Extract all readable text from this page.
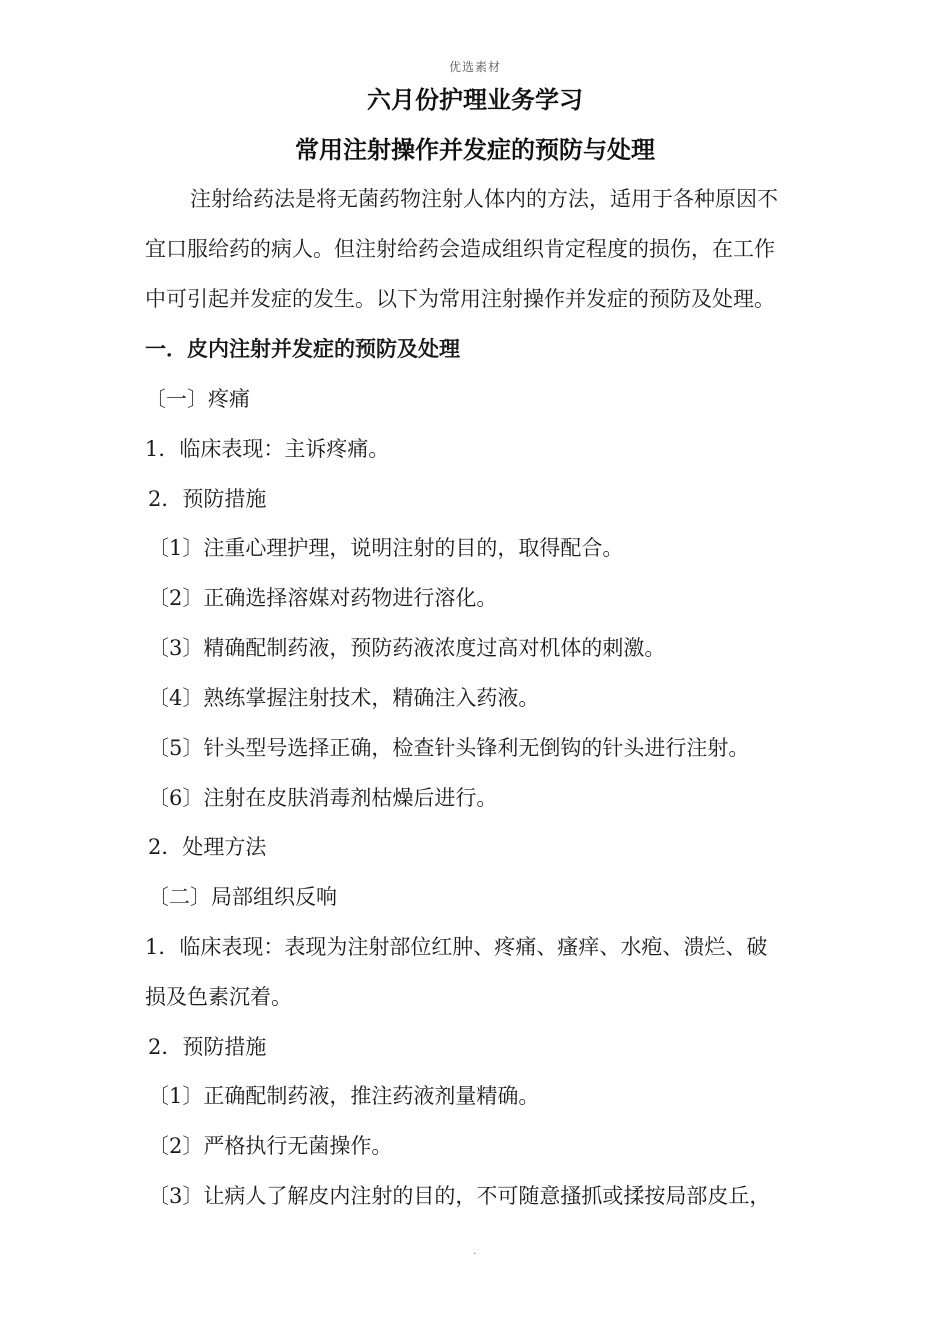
优选素材
六月份护理业务学习
常用注射操作并发症的预防与处理
注射给药法是将无菌药物注射人体内的方法，适用于各种原因不
宜口服给药的病人。但注射给药会造成组织肯定程度的损伤，在工作
中可引起并发症的发生。以下为常用注射操作并发症的预防及处理。
一．皮内注射并发症的预防及处理
〔一〕疼痛
1．临床表现：主诉疼痛。
2．预防措施
〔1〕注重心理护理，说明注射的目的，取得配合。
〔2〕正确选择溶媒对药物进行溶化。
〔3〕精确配制药液，预防药液浓度过高对机体的刺激。
〔4〕熟练掌握注射技术，精确注入药液。
〔5〕针头型号选择正确，检查针头锋利无倒钩的针头进行注射。
〔6〕注射在皮肤消毒剂枯燥后进行。
2．处理方法
〔二〕局部组织反响
1．临床表现：表现为注射部位红肿、疼痛、瘙痒、水疱、溃烂、破
损及色素沉着。
2．预防措施
〔1〕正确配制药液，推注药液剂量精确。
〔2〕严格执行无菌操作。
〔3〕让病人了解皮内注射的目的，不可随意搔抓或揉按局部皮丘，
.
